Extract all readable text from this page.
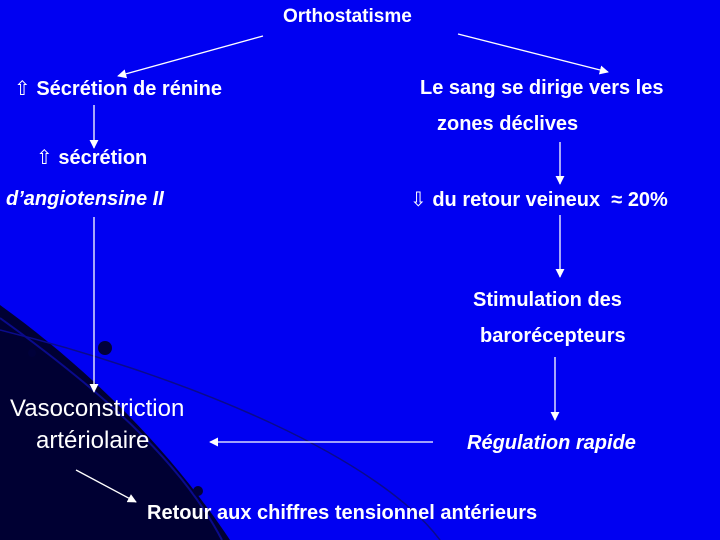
Orthostatisme
⇧ Sécrétion de rénine
⇧ sécrétion
d’angiotensine II
Le sang se dirige vers les
zones déclives
⇩ du retour veineux ≈ 20%
Stimulation des
barorécepteurs
Vasoconstriction
artériolaire	Régulation rapide
Retour aux chiffres tensionnel antérieurs
